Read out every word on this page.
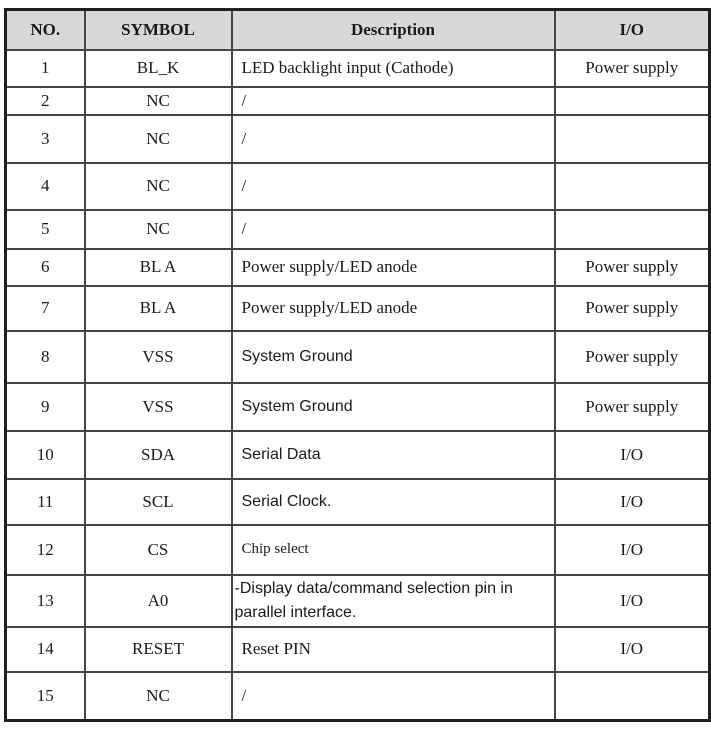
NO.	SYMBOL	Description	I/O
1	BL_K	LED backlight input (Cathode)	Power supply
2	NC	/	
3	NC	/	
4	NC	/	
5	NC	/	
6	BL A	Power supply/LED anode	Power supply
7	BL A	Power supply/LED anode	Power supply
8	VSS	System Ground	Power supply
9	VSS	System Ground	Power supply
10	SDA	Serial Data	I/O
11	SCL	Serial Clock.	I/O
12	CS	Chip select	I/O
13	A0	-Display data/command selection pin in parallel interface.	I/O
14	RESET	Reset PIN	I/O
15	NC	/	
